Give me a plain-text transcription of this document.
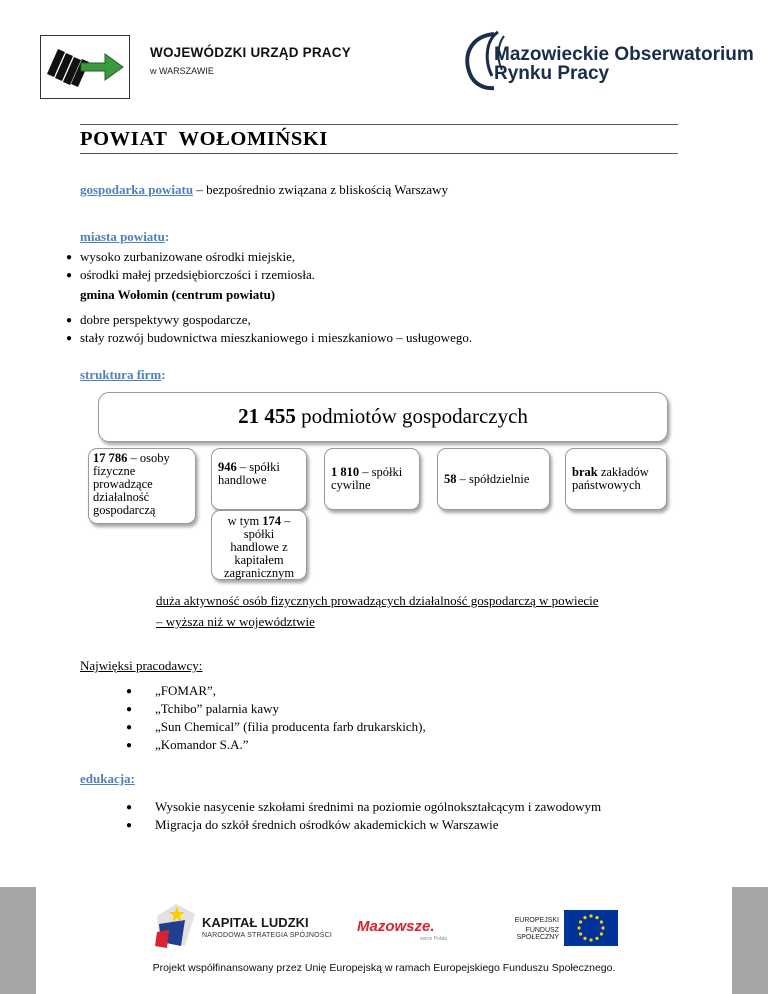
WOJEWÓDZKI URZĄD PRACY
w WARSZAWIE
Mazowieckie Obserwatorium
Rynku Pracy
POWIAT WOŁOMIŃSKI
gospodarka powiatu – bezpośrednio związana z bliskością Warszawy
miasta powiatu:
● wysoko zurbanizowane ośrodki miejskie,
● ośrodki małej przedsiębiorczości i rzemiosła.
gmina Wołomin (centrum powiatu)
● dobre perspektywy gospodarcze,
● stały rozwój budownictwa mieszkaniowego i mieszkaniowo – usługowego.
struktura firm:
21 455 podmiotów gospodarczych
17 786 – osoby
fizyczne
prowadzące
działalność
gospodarczą
946 – spółki
handlowe
w tym 174 –
spółki
handlowe z
kapitałem
zagranicznym
1 810 – spółki
cywilne	58 – spółdzielnie	brak zakładów
państwowych
duża aktywność osób fizycznych prowadzących działalność gospodarczą w powiecie
– wyższa niż w województwie
Najwięksi pracodawcy:
● „FOMAR”,
● „Tchibo” palarnia kawy
● „Sun Chemical” (filia producenta farb drukarskich),
● „Komandor S.A.”
edukacja:
● Wysokie nasycenie szkołami średnimi na poziomie ogólnokształcącym i zawodowym
● Migracja do szkół średnich ośrodków akademickich w Warszawie
KAPITAŁ LUDZKI
NARODOWA STRATEGIA SPÓJNOŚCI
Mazowsze.
serce Polski
EUROPEJSKI
FUNDUSZ SPOŁECZNY
Projekt współfinansowany przez Unię Europejską w ramach Europejskiego Funduszu Społecznego.
